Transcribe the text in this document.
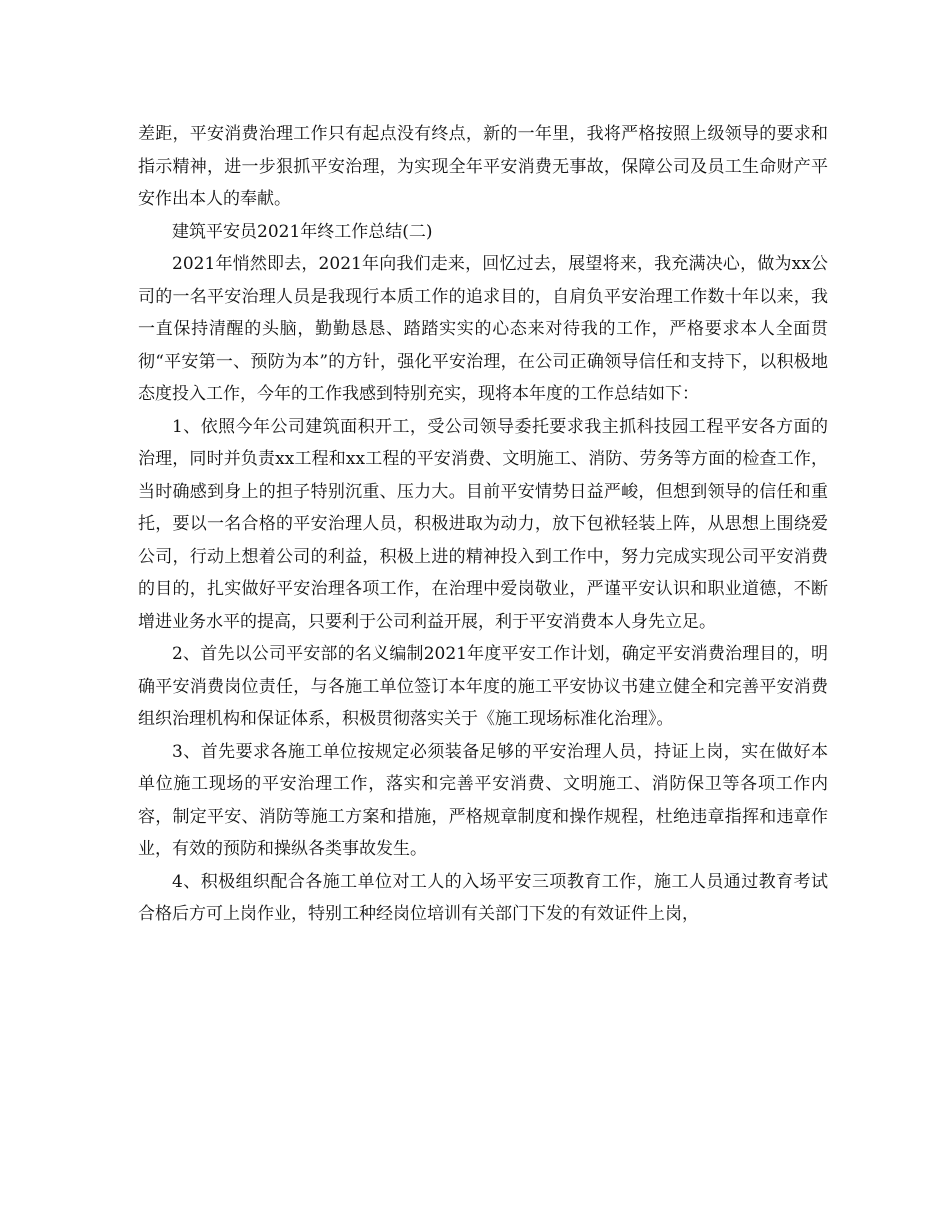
差距，平安消费治理工作只有起点没有终点，新的一年里，我将严格按照上级领导的要求和指示精神，进一步狠抓平安治理，为实现全年平安消费无事故，保障公司及员工生命财产平安作出本人的奉献。

建筑平安员2021年终工作总结(二)

2021年悄然即去，2021年向我们走来，回忆过去，展望将来，我充满决心，做为xx公司的一名平安治理人员是我现行本质工作的追求目的，自肩负平安治理工作数十年以来，我一直保持清醒的头脑，勤勤恳恳、踏踏实实的心态来对待我的工作，严格要求本人全面贯彻“平安第一、预防为本”的方针，强化平安治理，在公司正确领导信任和支持下，以积极地态度投入工作，今年的工作我感到特别充实，现将本年度的工作总结如下：

1、依照今年公司建筑面积开工，受公司领导委托要求我主抓科技园工程平安各方面的治理，同时并负责xx工程和xx工程的平安消费、文明施工、消防、劳务等方面的检查工作，当时确感到身上的担子特别沉重、压力大。目前平安情势日益严峻，但想到领导的信任和重托，要以一名合格的平安治理人员，积极进取为动力，放下包袱轻装上阵，从思想上围绕爱公司，行动上想着公司的利益，积极上进的精神投入到工作中，努力完成实现公司平安消费的目的，扎实做好平安治理各项工作，在治理中爱岗敬业，严谨平安认识和职业道德，不断增进业务水平的提高，只要利于公司利益开展，利于平安消费本人身先立足。

2、首先以公司平安部的名义编制2021年度平安工作计划，确定平安消费治理目的，明确平安消费岗位责任，与各施工单位签订本年度的施工平安协议书建立健全和完善平安消费组织治理机构和保证体系，积极贯彻落实关于《施工现场标准化治理》。

3、首先要求各施工单位按规定必须装备足够的平安治理人员，持证上岗，实在做好本单位施工现场的平安治理工作，落实和完善平安消费、文明施工、消防保卫等各项工作内容，制定平安、消防等施工方案和措施，严格规章制度和操作规程，杜绝违章指挥和违章作业，有效的预防和操纵各类事故发生。

4、积极组织配合各施工单位对工人的入场平安三项教育工作，施工人员通过教育考试合格后方可上岗作业，特别工种经岗位培训有关部门下发的有效证件上岗，
